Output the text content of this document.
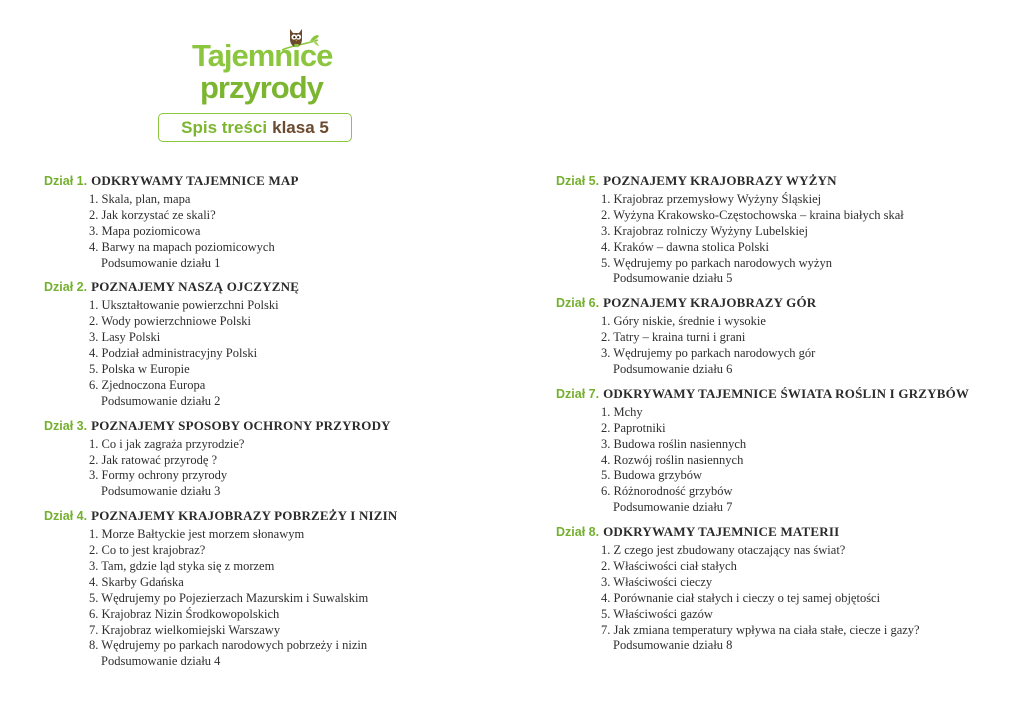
Tajemnice
przyrody
Spis treści klasa 5
Dział 1. ODKRYWAMY TAJEMNICE MAP
1. Skala, plan, mapa
2. Jak korzystać ze skali?
3. Mapa poziomicowa
4. Barwy na mapach poziomicowych
Podsumowanie działu 1
Dział 2. POZNAJEMY NASZĄ OJCZYZNĘ
1. Ukształtowanie powierzchni Polski
2. Wody powierzchniowe Polski
3. Lasy Polski
4. Podział administracyjny Polski
5. Polska w Europie
6. Zjednoczona Europa
Podsumowanie działu 2
Dział 3. POZNAJEMY SPOSOBY OCHRONY PRZYRODY
1. Co i jak zagraża przyrodzie?
2. Jak ratować przyrodę ?
3. Formy ochrony przyrody
Podsumowanie działu 3
Dział 4. POZNAJEMY KRAJOBRAZY POBRZEŻY I NIZIN
1. Morze Bałtyckie jest morzem słonawym
2. Co to jest krajobraz?
3. Tam, gdzie ląd styka się z morzem
4. Skarby Gdańska
5. Wędrujemy po Pojezierzach Mazurskim i Suwalskim
6. Krajobraz Nizin Środkowopolskich
7. Krajobraz wielkomiejski Warszawy
8. Wędrujemy po parkach narodowych pobrzeży i nizin
Podsumowanie działu 4
Dział 5. POZNAJEMY KRAJOBRAZY WYŻYN
1. Krajobraz przemysłowy Wyżyny Śląskiej
2. Wyżyna Krakowsko-Częstochowska – kraina białych skał
3. Krajobraz rolniczy Wyżyny Lubelskiej
4. Kraków – dawna stolica Polski
5. Wędrujemy po parkach narodowych wyżyn
Podsumowanie działu 5
Dział 6. POZNAJEMY KRAJOBRAZY GÓR
1. Góry niskie, średnie i wysokie
2. Tatry – kraina turni i grani
3. Wędrujemy po parkach narodowych gór
Podsumowanie działu 6
Dział 7. ODKRYWAMY TAJEMNICE ŚWIATA ROŚLIN I GRZYBÓW
1. Mchy
2. Paprotniki
3. Budowa roślin nasiennych
4. Rozwój roślin nasiennych
5. Budowa grzybów
6. Różnorodność grzybów
Podsumowanie działu 7
Dział 8. ODKRYWAMY TAJEMNICE MATERII
1. Z czego jest zbudowany otaczający nas świat?
2. Właściwości ciał stałych
3. Właściwości cieczy
4. Porównanie ciał stałych i cieczy o tej samej objętości
5. Właściwości gazów
7. Jak zmiana temperatury wpływa na ciała stałe, ciecze i gazy?
Podsumowanie działu 8
